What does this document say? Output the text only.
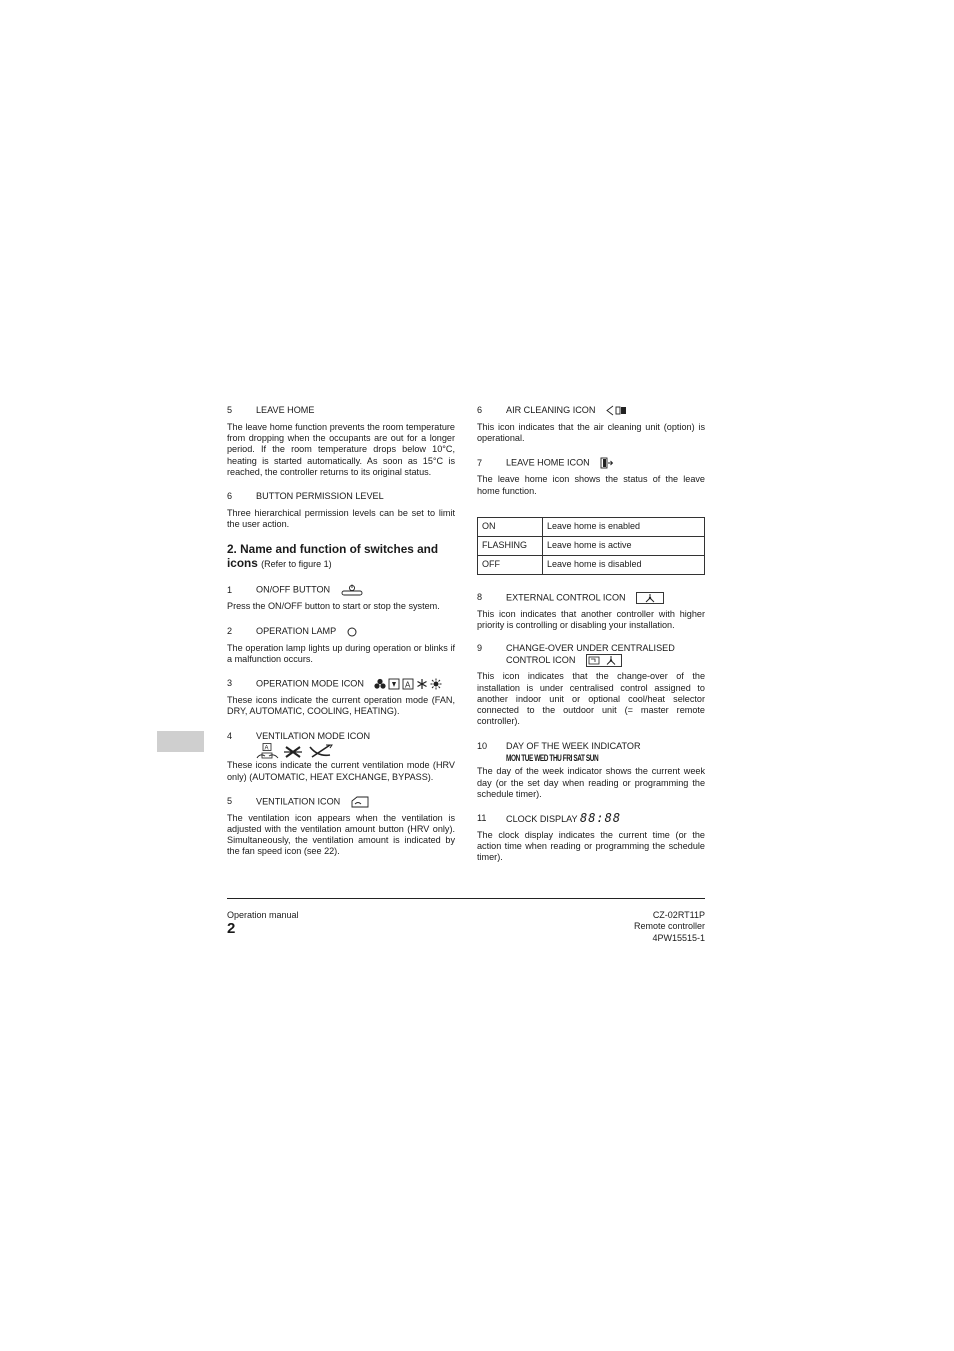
5	LEAVE HOME
The leave home function prevents the room temperature from dropping when the occupants are out for a longer period. If the room temperature drops below 10°C, heating is started automatically. As soon as 15°C is reached, the controller returns to its original status.
6	BUTTON PERMISSION LEVEL
Three hierarchical permission levels can be set to limit the user action.
2. Name and function of switches and icons (Refer to figure 1)
1	ON/OFF BUTTON
Press the ON/OFF button to start or stop the system.
2	OPERATION LAMP
The operation lamp lights up during operation or blinks if a malfunction occurs.
3	OPERATION MODE ICON	A
These icons indicate the current operation mode (FAN, DRY, AUTOMATIC, COOLING, HEATING).
4	VENTILATION MODE ICON
A
These icons indicate the current ventilation mode (HRV only) (AUTOMATIC, HEAT EXCHANGE, BYPASS).
5	VENTILATION ICON
The ventilation icon appears when the ventilation is adjusted with the ventilation amount button (HRV only). Simultaneously, the ventilation amount is indicated by the fan speed icon (see 22).
6	AIR CLEANING ICON
This icon indicates that the air cleaning unit (option) is operational.
7	LEAVE HOME ICON
The leave home icon shows the status of the leave home function.
ON	Leave home is enabled
FLASHING	Leave home is active
OFF	Leave home is disabled
8	EXTERNAL CONTROL ICON
This icon indicates that another controller with higher priority is controlling or disabling your installation.
9	CHANGE-OVER UNDER CENTRALISED CONTROL ICON
This icon indicates that the change-over of the installation is under centralised control assigned to another indoor unit or optional cool/heat selector connected to the outdoor unit (= master remote controller).
10	DAY OF THE WEEK INDICATOR
MON TUE WED THU FRI SAT SUN
The day of the week indicator shows the current week day (or the set day when reading or programming the schedule timer).
11	CLOCK DISPLAY 88:88
The clock display indicates the current time (or the action time when reading or programming the schedule timer).
Operation manual
2
CZ-02RT11P
Remote controller
4PW15515-1
